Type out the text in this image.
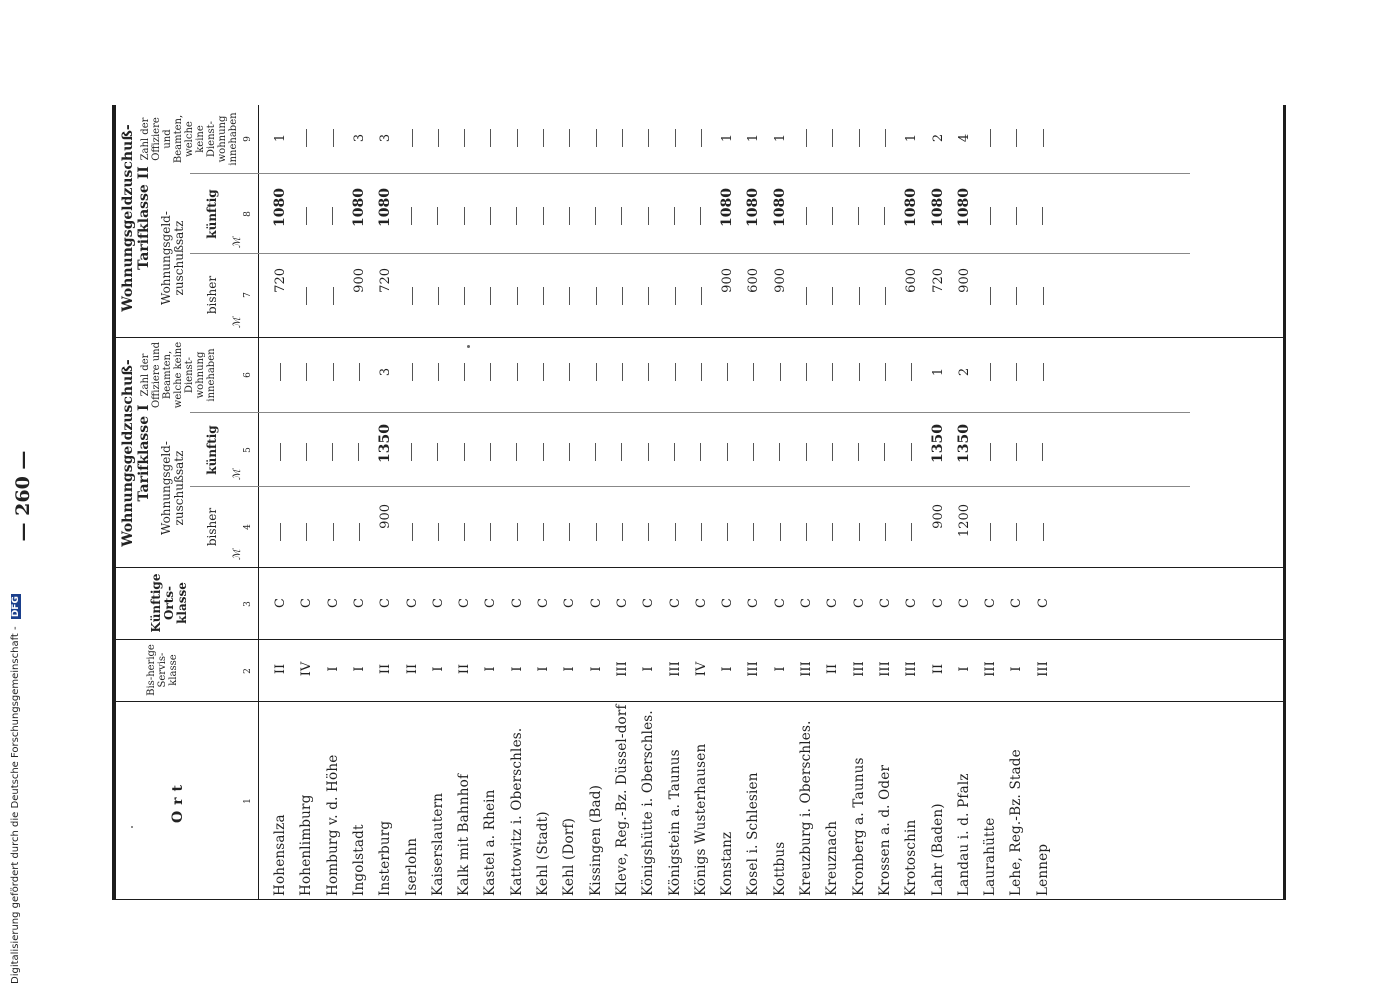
Digitalisierung gefördert durch die Deutsche Forschungsgemeinschaft - DFG
— 260 —
Ort
Bis-herige Servis-klasse
Künftige Orts-klasse
Wohnungsgeldzuschuß-Tarifklasse I Wohnungsgeld-zuschußsatz
bisher
künftig
Zahl der Offiziere und Beamten, welche keine Dienst-wohnung innehaben
Wohnungsgeldzuschuß-Tarifklasse II Wohnungsgeld-zuschußsatz bisher
künftig
Zahl der Offiziere und Beamten, welche keine Dienst-wohnung innehaben
1
2
3
4
5
6
7
8
9
ℳ
ℳ
ℳ
ℳ
Hohensalza
II
C
720
1080
1
Hohenlimburg
IV
C
Homburg v. d. Höhe
I
C
Ingolstadt
I
C
900
1080
3
Insterburg
II
C
900
1350
3
720
1080
3
Iserlohn
II
C
Kaiserslautern
I
C
Kalk mit Bahnhof
II
C
Kastel a. Rhein
I
C
Kattowitz i. Oberschles.
I
C
Kehl (Stadt)
I
C
Kehl (Dorf)
I
C
Kissingen (Bad)
I
C
Kleve, Reg.-Bz. Düssel-dorf
III
C
Königshütte i. Oberschles.
I
C
Königstein a. Taunus
III
C
Königs Wusterhausen
IV
C
Konstanz
I
C
900
1080
1
Kosel i. Schlesien
III
C
600
1080
1
Kottbus
I
C
900
1080
1
Kreuzburg i. Oberschles.
III
C
Kreuznach
II
C
Kronberg a. Taunus
III
C
Krossen a. d. Oder
III
C
Krotoschin
III
C
600
1080
1
Lahr (Baden)
II
C
900
1350
1
720
1080
2
Landau i. d. Pfalz
I
C
1200
1350
2
900
1080
4
Laurahütte
III
C
Lehe, Reg.-Bz. Stade
I
C
Lennep
III
C
